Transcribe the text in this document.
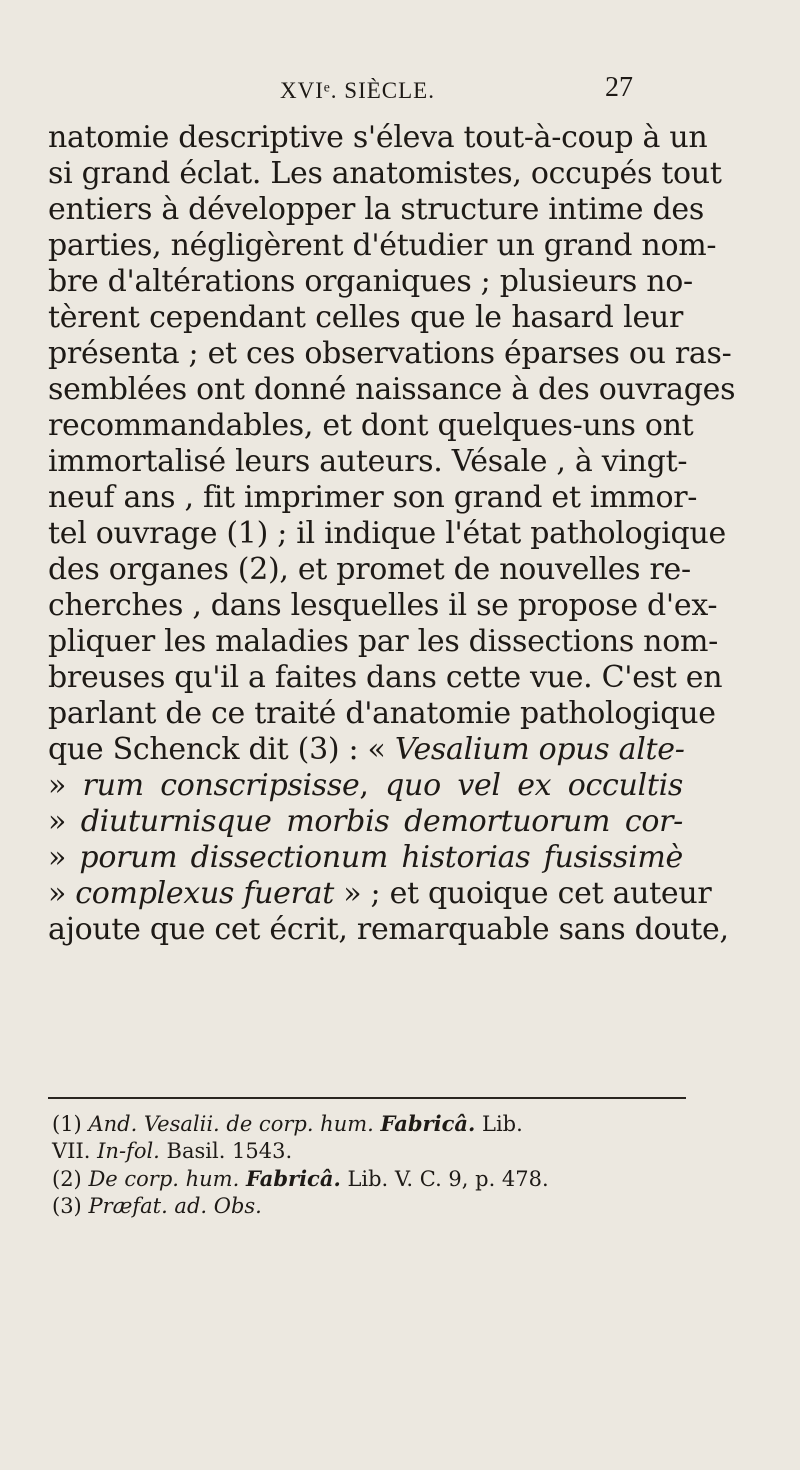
XVIᵉ. SIÈCLE.	27
natomie descriptive s'éleva tout-à-coup à un
si grand éclat. Les anatomistes, occupés tout
entiers à développer la structure intime des
parties, négligèrent d'étudier un grand nom-
bre d'altérations organiques ; plusieurs no-
tèrent cependant celles que le hasard leur
présenta ; et ces observations éparses ou ras-
semblées ont donné naissance à des ouvrages
recommandables, et dont quelques-uns ont
immortalisé leurs auteurs. Vésale , à vingt-
neuf ans , fit imprimer son grand et immor-
tel ouvrage (1) ; il indique l'état pathologique
des organes (2), et promet de nouvelles re-
cherches , dans lesquelles il se propose d'ex-
pliquer les maladies par les dissections nom-
breuses qu'il a faites dans cette vue. C'est en
parlant de ce traité d'anatomie pathologique
que Schenck dit (3) : « Vesalium opus alte-
» rum conscripsisse, quo vel ex occultis
» diuturnisque morbis demortuorum cor-
» porum dissectionum historias fusissimè
» complexus fuerat » ; et quoique cet auteur
ajoute que cet écrit, remarquable sans doute,
(1) And. Vesalii. de corp. hum. Fabricâ. Lib.
VII. In-fol. Basil. 1543.
(2) De corp. hum. Fabricâ. Lib. V. C. 9, p. 478.
(3) Præfat. ad. Obs.
